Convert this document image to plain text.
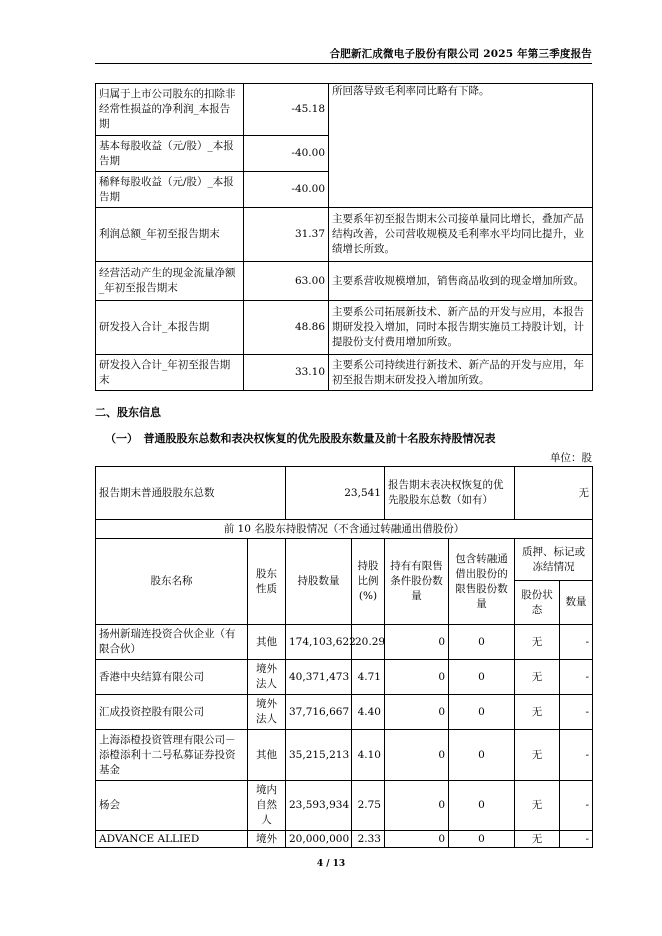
合肥新汇成微电子股份有限公司 2025 年第三季度报告
归属于上市公司股东的扣除非经常性损益的净利润_本报告期	-45.18	所回落导致毛利率同比略有下降。
基本每股收益（元/股）_本报告期	-40.00	
稀释每股收益（元/股）_本报告期	-40.00	
利润总额_年初至报告期末	31.37	主要系年初至报告期末公司接单量同比增长，叠加产品结构改善，公司营收规模及毛利率水平均同比提升，业绩增长所致。
经营活动产生的现金流量净额_年初至报告期末	63.00	主要系营收规模增加，销售商品收到的现金增加所致。
研发投入合计_本报告期	48.86	主要系公司拓展新技术、新产品的开发与应用，本报告期研发投入增加，同时本报告期实施员工持股计划，计提股份支付费用增加所致。
研发投入合计_年初至报告期末	33.10	主要系公司持续进行新技术、新产品的开发与应用，年初至报告期末研发投入增加所致。
二、股东信息
（一）　普通股股东总数和表决权恢复的优先股股东数量及前十名股东持股情况表
单位：股
报告期末普通股股东总数		23,541		报告期末表决权恢复的优先股股东总数（如有）		无	
前 10 名股东持股情况（不含通过转融通出借股份）							
股东名称	股东性质	持股数量	持股比例(%)	持有有限售条件股份数量	包含转融通借出股份的限售股份数量	质押、标记或冻结情况	
						股份状态	数量
扬州新瑞连投资合伙企业（有限合伙）	其他	174,103,622	20.29	0	0	无	-
香港中央结算有限公司	境外法人	40,371,473	4.71	0	0	无	-
汇成投资控股有限公司	境外法人	37,716,667	4.40	0	0	无	-
上海添橙投资管理有限公司－添橙添利十二号私募证券投资基金	其他	35,215,213	4.10	0	0	无	-
杨会	境内自然人	23,593,934	2.75	0	0	无	-
ADVANCE ALLIED	境外	20,000,000	2.33	0	0	无	-
4 / 13
